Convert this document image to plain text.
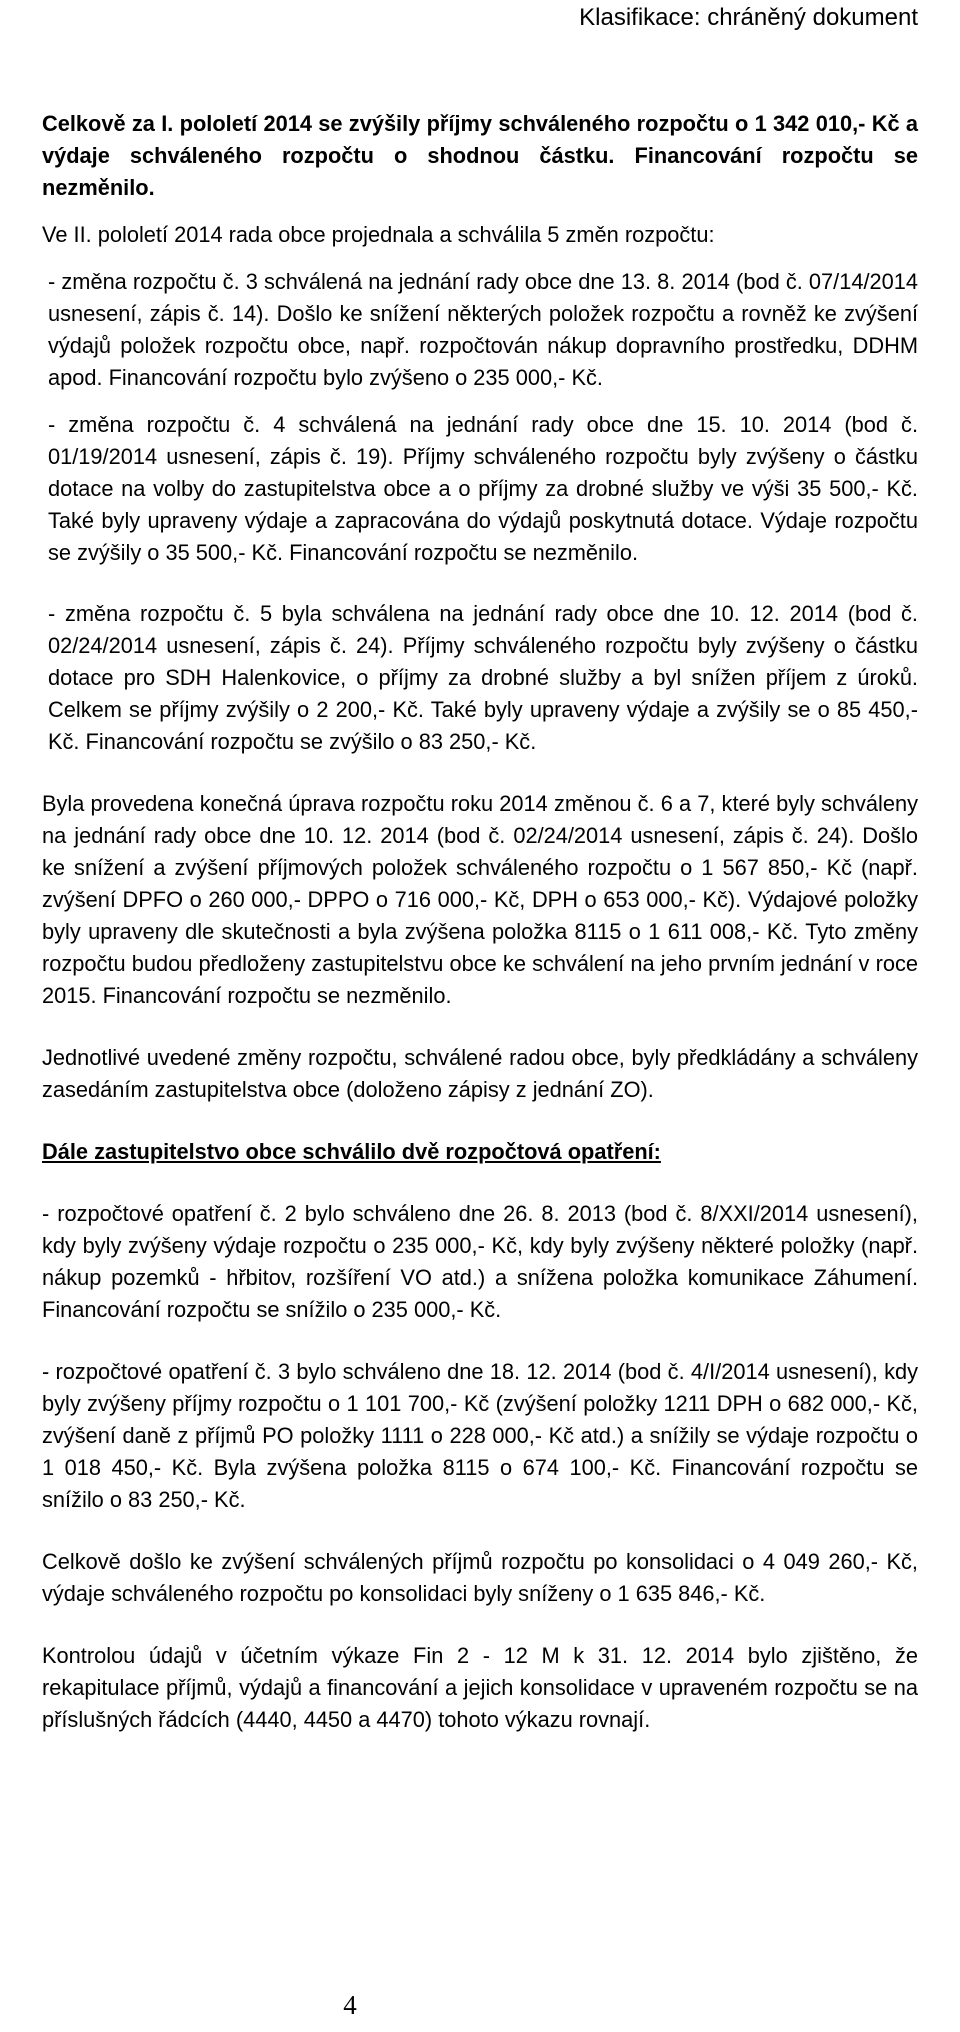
Klasifikace: chráněný dokument

Celkově za I. pololetí 2014 se zvýšily příjmy schváleného rozpočtu o 1 342 010,- Kč a výdaje schváleného rozpočtu o shodnou částku. Financování rozpočtu se nezměnilo.

Ve II. pololetí 2014 rada obce projednala a schválila 5 změn rozpočtu:

- změna rozpočtu č. 3 schválená na jednání rady obce dne 13. 8. 2014 (bod č. 07/14/2014 usnesení, zápis č. 14). Došlo ke snížení některých položek rozpočtu a rovněž ke zvýšení výdajů položek rozpočtu obce, např. rozpočtován nákup dopravního prostředku, DDHM apod. Financování rozpočtu bylo zvýšeno o 235 000,- Kč.

- změna rozpočtu č. 4 schválená na jednání rady obce dne 15. 10. 2014 (bod č. 01/19/2014 usnesení, zápis č. 19). Příjmy schváleného rozpočtu byly zvýšeny o částku dotace na volby do zastupitelstva obce a o příjmy za drobné služby ve výši 35 500,- Kč. Také byly upraveny výdaje a zapracována do výdajů poskytnutá dotace. Výdaje rozpočtu se zvýšily o 35 500,- Kč. Financování rozpočtu se nezměnilo.

- změna rozpočtu č. 5 byla schválena na jednání rady obce dne 10. 12. 2014 (bod č. 02/24/2014 usnesení, zápis č. 24). Příjmy schváleného rozpočtu byly zvýšeny o částku dotace pro SDH Halenkovice, o příjmy za drobné služby a byl snížen příjem z úroků. Celkem se příjmy zvýšily o 2 200,- Kč. Také byly upraveny výdaje a zvýšily se o 85 450,- Kč. Financování rozpočtu se zvýšilo o 83 250,- Kč.

Byla provedena konečná úprava rozpočtu roku 2014 změnou č. 6 a 7, které byly schváleny na jednání rady obce dne 10. 12. 2014 (bod č. 02/24/2014 usnesení, zápis č. 24). Došlo ke snížení a zvýšení příjmových položek schváleného rozpočtu o 1 567 850,- Kč (např. zvýšení DPFO o 260 000,- DPPO o 716 000,- Kč, DPH o 653 000,- Kč). Výdajové položky byly upraveny dle skutečnosti a byla zvýšena položka 8115 o 1 611 008,- Kč. Tyto změny rozpočtu budou předloženy zastupitelstvu obce ke schválení na jeho prvním jednání v roce 2015. Financování rozpočtu se nezměnilo.

Jednotlivé uvedené změny rozpočtu, schválené radou obce, byly předkládány a schváleny zasedáním zastupitelstva obce (doloženo zápisy z jednání ZO).

Dále zastupitelstvo obce schválilo dvě rozpočtová opatření:

- rozpočtové opatření č. 2 bylo schváleno dne 26. 8. 2013 (bod č. 8/XXI/2014 usnesení), kdy byly zvýšeny výdaje rozpočtu o 235 000,- Kč, kdy byly zvýšeny některé položky (např. nákup pozemků - hřbitov, rozšíření VO atd.) a snížena položka komunikace Záhumení. Financování rozpočtu se snížilo o 235 000,- Kč.

- rozpočtové opatření č. 3 bylo schváleno dne 18. 12. 2014 (bod č. 4/I/2014 usnesení), kdy byly zvýšeny příjmy rozpočtu o 1 101 700,- Kč (zvýšení položky 1211 DPH o 682 000,- Kč, zvýšení daně z příjmů PO položky 1111 o 228 000,- Kč atd.) a snížily se výdaje rozpočtu o 1 018 450,- Kč. Byla zvýšena položka 8115 o 674 100,- Kč. Financování rozpočtu se snížilo o 83 250,- Kč.

Celkově došlo ke zvýšení schválených příjmů rozpočtu po konsolidaci o 4 049 260,- Kč, výdaje schváleného rozpočtu po konsolidaci byly sníženy o 1 635 846,- Kč.

Kontrolou údajů v účetním výkaze Fin 2 - 12 M k 31. 12. 2014 bylo zjištěno, že rekapitulace příjmů, výdajů a financování a jejich konsolidace v upraveném rozpočtu se na příslušných řádcích (4440, 4450 a 4470) tohoto výkazu rovnají.

4
